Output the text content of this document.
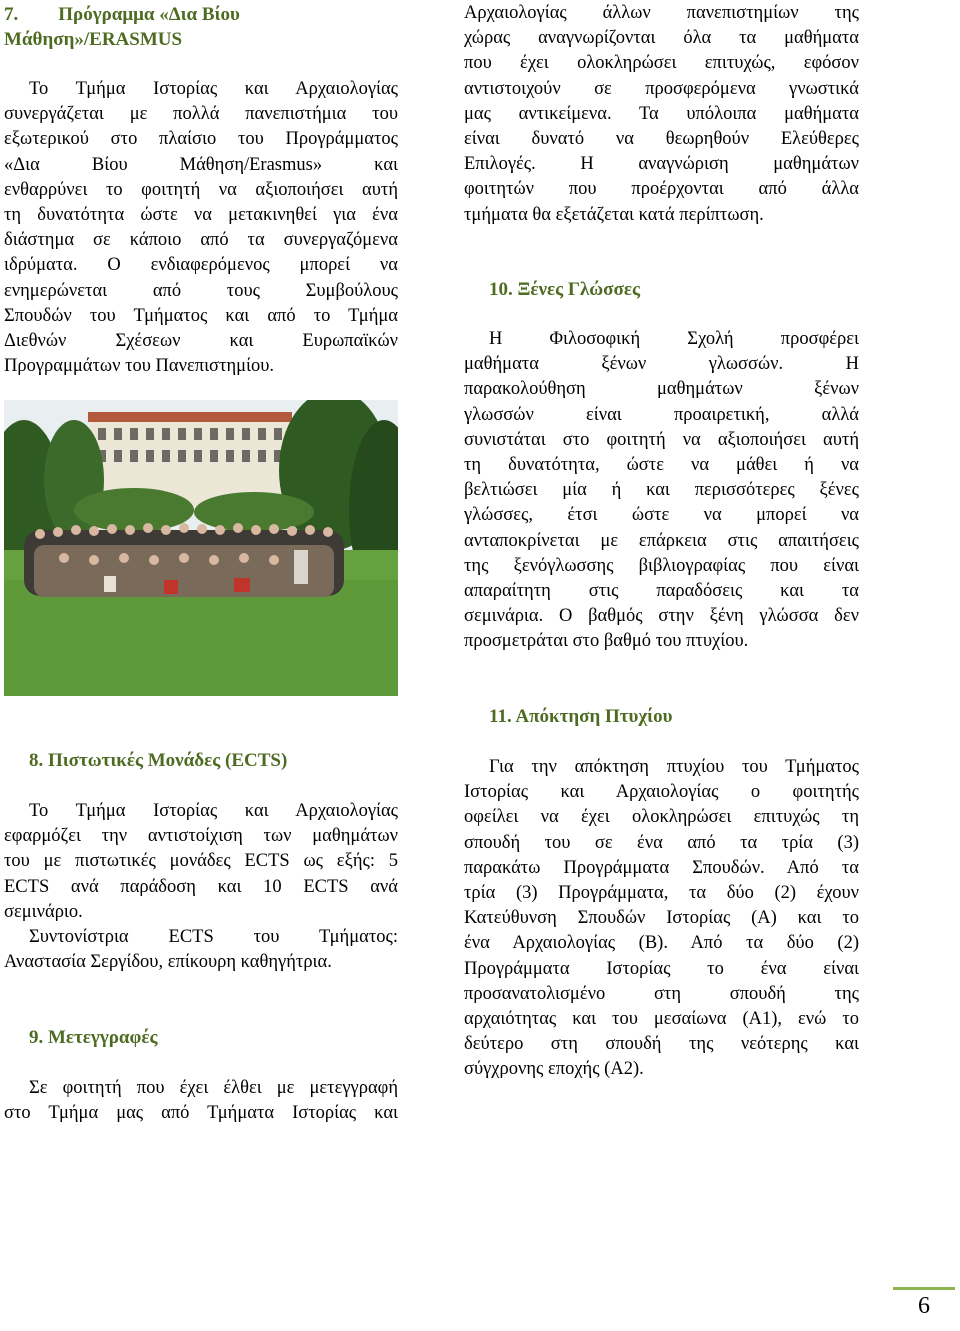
7. Πρόγραμμα «Δια Βίου
Μάθηση»/ERASMUS
Το Τμήμα Ιστορίας και Αρχαιολογίας
συνεργάζεται με πολλά πανεπιστήμια του
εξωτερικού στο πλαίσιο του Προγράμματος
«Δια Βίου Μάθηση/Erasmus» και
ενθαρρύνει το φοιτητή να αξιοποιήσει αυτή
τη δυνατότητα ώστε να μετακινηθεί για ένα
διάστημα σε κάποιο από τα συνεργαζόμενα
ιδρύματα. Ο ενδιαφερόμενος μπορεί να
ενημερώνεται από τους Συμβούλους
Σπουδών του Τμήματος και από το Τμήμα
Διεθνών Σχέσεων και Ευρωπαϊκών
Προγραμμάτων του Πανεπιστημίου.
8. Πιστωτικές Μονάδες (ECTS)
Το Τμήμα Ιστορίας και Αρχαιολογίας
εφαρμόζει την αντιστοίχιση των μαθημάτων
του με πιστωτικές μονάδες ECTS ως εξής: 5
ECTS ανά παράδοση και 10 ECTS ανά
σεμινάριο.
Συντονίστρια ECTS του Τμήματος:
Αναστασία Σεργίδου, επίκουρη καθηγήτρια.
9. Μετεγγραφές
Σε φοιτητή που έχει έλθει με μετεγγραφή
στο Τμήμα μας από Τμήματα Ιστορίας και
Αρχαιολογίας άλλων πανεπιστημίων της
χώρας αναγνωρίζονται όλα τα μαθήματα
που έχει ολοκληρώσει επιτυχώς, εφόσον
αντιστοιχούν σε προσφερόμενα γνωστικά
μας αντικείμενα. Τα υπόλοιπα μαθήματα
είναι δυνατό να θεωρηθούν Ελεύθερες
Επιλογές. Η αναγνώριση μαθημάτων
φοιτητών που προέρχονται από άλλα
τμήματα θα εξετάζεται κατά περίπτωση.
10. Ξένες Γλώσσες
Η Φιλοσοφική Σχολή προσφέρει
μαθήματα ξένων γλωσσών. Η
παρακολούθηση μαθημάτων ξένων
γλωσσών είναι προαιρετική, αλλά
συνιστάται στο φοιτητή να αξιοποιήσει αυτή
τη δυνατότητα, ώστε να μάθει ή να
βελτιώσει μία ή και περισσότερες ξένες
γλώσσες, έτσι ώστε να μπορεί να
ανταποκρίνεται με επάρκεια στις απαιτήσεις
της ξενόγλωσσης βιβλιογραφίας που είναι
απαραίτητη στις παραδόσεις και τα
σεμινάρια. Ο βαθμός στην ξένη γλώσσα δεν
προσμετράται στο βαθμό του πτυχίου.
11. Απόκτηση Πτυχίου
Για την απόκτηση πτυχίου του Τμήματος
Ιστορίας και Αρχαιολογίας ο φοιτητής
οφείλει να έχει ολοκληρώσει επιτυχώς τη
σπουδή του σε ένα από τα τρία (3)
παρακάτω Προγράμματα Σπουδών. Από τα
τρία (3) Προγράμματα, τα δύο (2) έχουν
Κατεύθυνση Σπουδών Ιστορίας (Α) και το
ένα Αρχαιολογίας (Β). Από τα δύο (2)
Προγράμματα Ιστορίας το ένα είναι
προσανατολισμένο στη σπουδή της
αρχαιότητας και του μεσαίωνα (Α1), ενώ το
δεύτερο στη σπουδή της νεότερης και
σύγχρονης εποχής (Α2).
6
